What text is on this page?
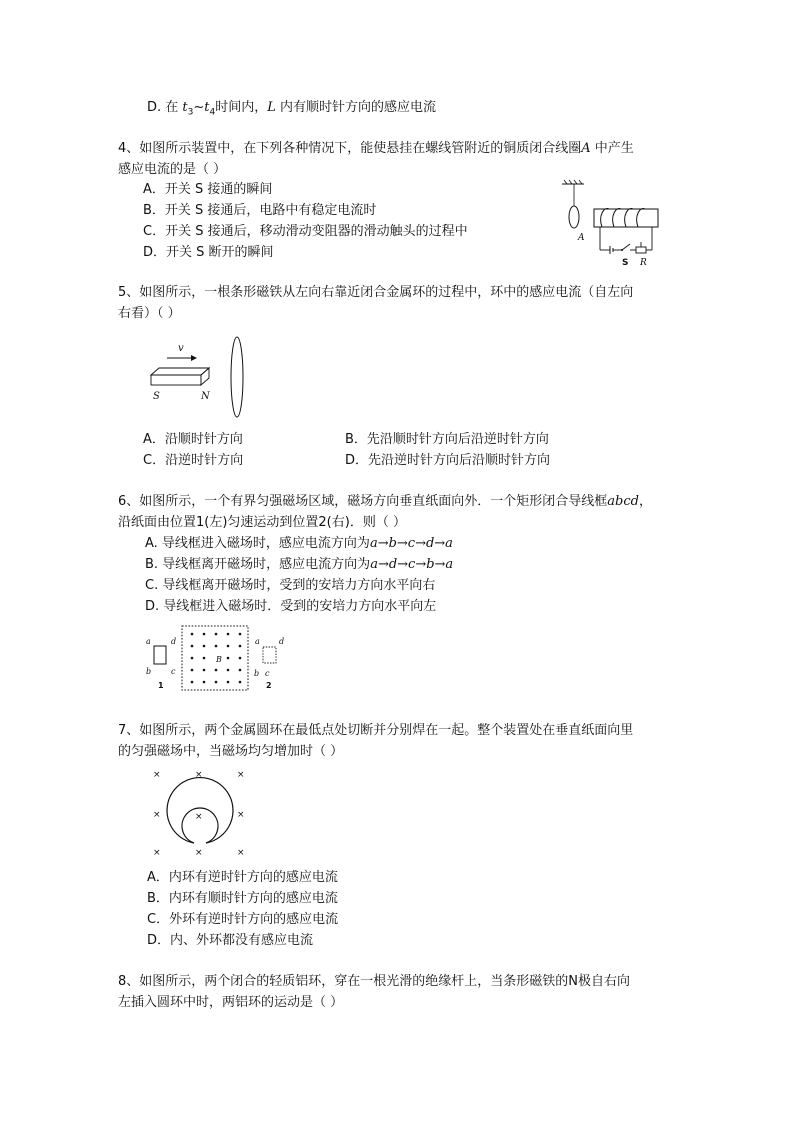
D. 在 $t_3\sim t_4$时间内，L 内有顺时针方向的感应电流
4、如图所示装置中，在下列各种情况下，能使悬挂在螺线管附近的铜质闭合线圈A 中产生
感应电流的是（ ）
A．开关 S 接通的瞬间
B．开关 S 接通后，电路中有稳定电流时
C．开关 S 接通后，移动滑动变阻器的滑动触头的过程中
D．开关 S 断开的瞬间
A
S R
5、如图所示，一根条形磁铁从左向右靠近闭合金属环的过程中，环中的感应电流（自左向
右看）（ ）
v
S	N
A．沿顺时针方向	B．先沿顺时针方向后沿逆时针方向
C．沿逆时针方向	D．先沿逆时针方向后沿顺时针方向
6、如图所示，一个有界匀强磁场区域，磁场方向垂直纸面向外．一个矩形闭合导线框abcd，
沿纸面由位置1(左)匀速运动到位置2(右)．则（ ）
A. 导线框进入磁场时，感应电流方向为a→b→c→d→a
B. 导线框离开磁场时，感应电流方向为a→d→c→b→a
C. 导线框离开磁场时，受到的安培力方向水平向右
D. 导线框进入磁场时．受到的安培力方向水平向左
a	d
b c
1
B
a d
b c
2
7、如图所示，两个金属圆环在最低点处切断并分别焊在一起。整个装置处在垂直纸面向里
的匀强磁场中，当磁场均匀增加时（ ）
×	×	×
×	×	×
×	×	×
A．内环有逆时针方向的感应电流
B．内环有顺时针方向的感应电流
C．外环有逆时针方向的感应电流
D．内、外环都没有感应电流
8、如图所示，两个闭合的轻质铝环，穿在一根光滑的绝缘杆上，当条形磁铁的N极自右向
左插入圆环中时，两铝环的运动是（ ）
